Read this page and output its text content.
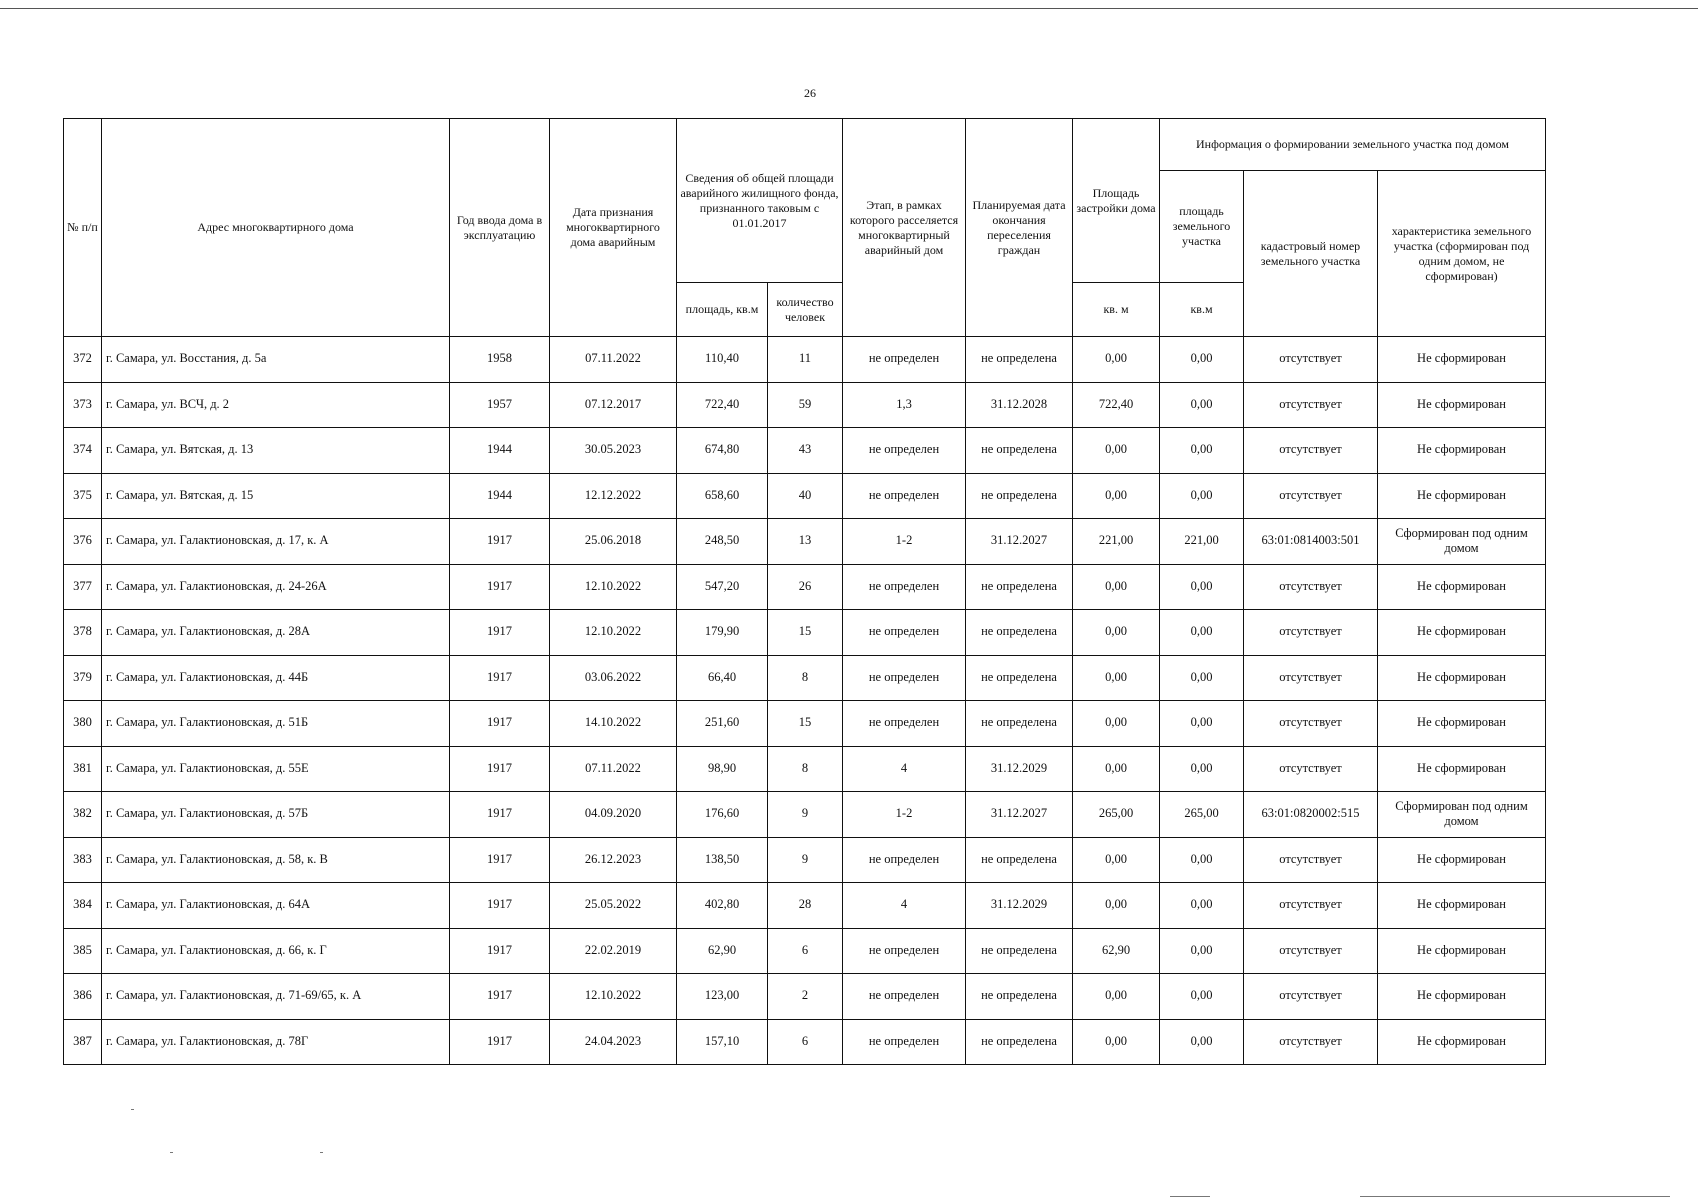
26
№ п/п	Адрес многоквартирного дома	Год ввода дома в эксплуатацию	Дата признания многоквартирного дома аварийным	Сведения об общей площади аварийного жилищного фонда, признанного таковым с 01.01.2017		Этап, в рамках которого расселяется многоквартирный аварийный дом	Планируемая дата окончания переселения граждан	Площадь застройки дома	Информация о формировании земельного участка под домом		
									площадь земельного участка	кадастровый номер земельного участка	характеристика земельного участка (сформирован под одним домом, не сформирован)
				площадь, кв.м	количество человек			кв. м	кв.м		
372	г. Самара, ул. Восстания, д. 5а	1958	07.11.2022	110,40	11	не определен	не определена	0,00	0,00	отсутствует	Не сформирован
373	г. Самара, ул. ВСЧ, д. 2	1957	07.12.2017	722,40	59	1,3	31.12.2028	722,40	0,00	отсутствует	Не сформирован
374	г. Самара, ул. Вятская, д. 13	1944	30.05.2023	674,80	43	не определен	не определена	0,00	0,00	отсутствует	Не сформирован
375	г. Самара, ул. Вятская, д. 15	1944	12.12.2022	658,60	40	не определен	не определена	0,00	0,00	отсутствует	Не сформирован
376	г. Самара, ул. Галактионовская, д. 17, к. А	1917	25.06.2018	248,50	13	1-2	31.12.2027	221,00	221,00	63:01:0814003:501	Сформирован под одним домом
377	г. Самара, ул. Галактионовская, д. 24-26А	1917	12.10.2022	547,20	26	не определен	не определена	0,00	0,00	отсутствует	Не сформирован
378	г. Самара, ул. Галактионовская, д. 28А	1917	12.10.2022	179,90	15	не определен	не определена	0,00	0,00	отсутствует	Не сформирован
379	г. Самара, ул. Галактионовская, д. 44Б	1917	03.06.2022	66,40	8	не определен	не определена	0,00	0,00	отсутствует	Не сформирован
380	г. Самара, ул. Галактионовская, д. 51Б	1917	14.10.2022	251,60	15	не определен	не определена	0,00	0,00	отсутствует	Не сформирован
381	г. Самара, ул. Галактионовская, д. 55Е	1917	07.11.2022	98,90	8	4	31.12.2029	0,00	0,00	отсутствует	Не сформирован
382	г. Самара, ул. Галактионовская, д. 57Б	1917	04.09.2020	176,60	9	1-2	31.12.2027	265,00	265,00	63:01:0820002:515	Сформирован под одним домом
383	г. Самара, ул. Галактионовская, д. 58, к. В	1917	26.12.2023	138,50	9	не определен	не определена	0,00	0,00	отсутствует	Не сформирован
384	г. Самара, ул. Галактионовская, д. 64А	1917	25.05.2022	402,80	28	4	31.12.2029	0,00	0,00	отсутствует	Не сформирован
385	г. Самара, ул. Галактионовская, д. 66, к. Г	1917	22.02.2019	62,90	6	не определен	не определена	62,90	0,00	отсутствует	Не сформирован
386	г. Самара, ул. Галактионовская, д. 71-69/65, к. А	1917	12.10.2022	123,00	2	не определен	не определена	0,00	0,00	отсутствует	Не сформирован
387	г. Самара, ул. Галактионовская, д. 78Г	1917	24.04.2023	157,10	6	не определен	не определена	0,00	0,00	отсутствует	Не сформирован
